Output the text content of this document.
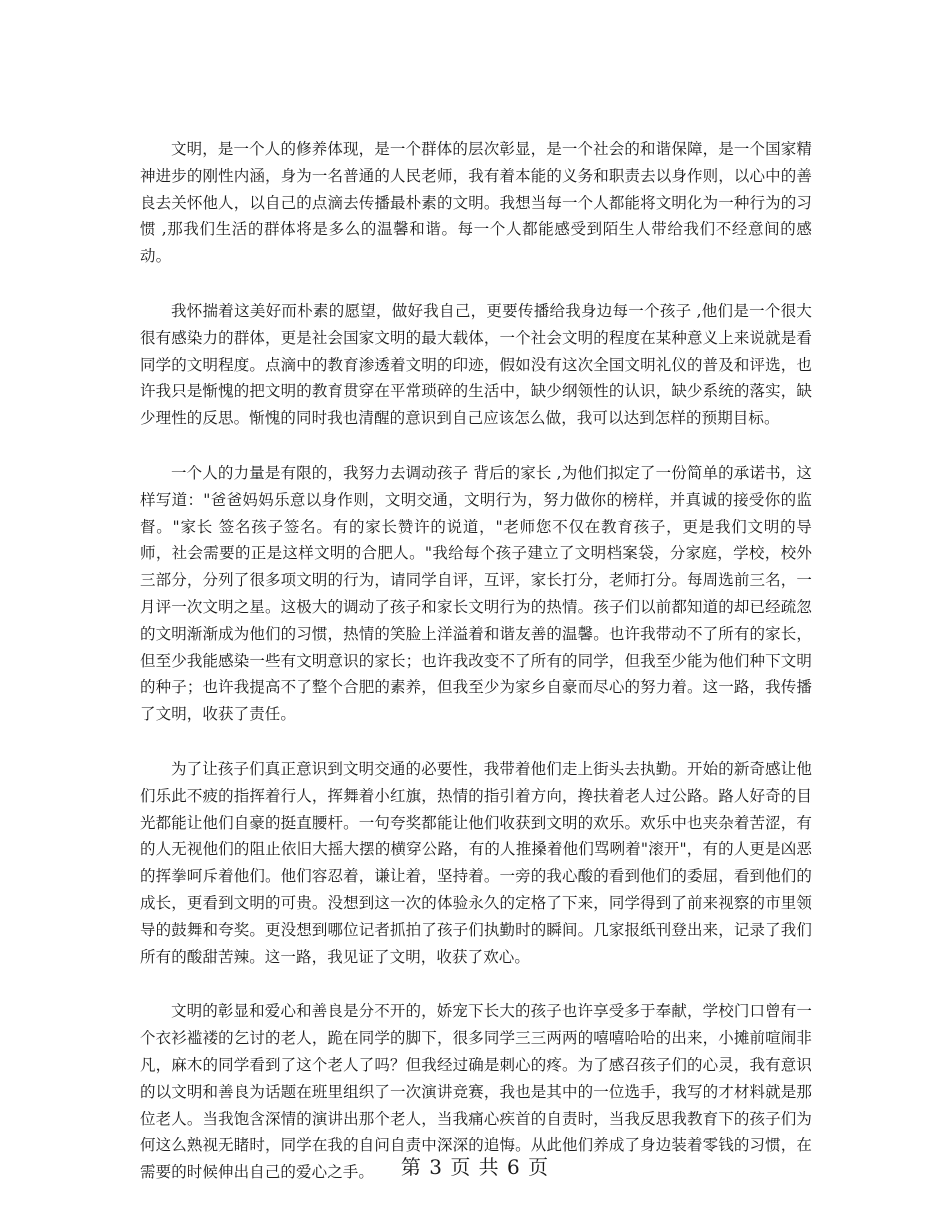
文明，是一个人的修养体现，是一个群体的层次彰显，是一个社会的和谐保障，是一个国家精神进步的刚性内涵，身为一名普通的人民老师，我有着本能的义务和职责去以身作则，以心中的善良去关怀他人，以自己的点滴去传播最朴素的文明。我想当每一个人都能将文明化为一种行为的习惯 ,那我们生活的群体将是多么的温馨和谐。每一个人都能感受到陌生人带给我们不经意间的感动。

我怀揣着这美好而朴素的愿望，做好我自己，更要传播给我身边每一个孩子 ,他们是一个很大很有感染力的群体，更是社会国家文明的最大载体，一个社会文明的程度在某种意义上来说就是看同学的文明程度。点滴中的教育渗透着文明的印迹，假如没有这次全国文明礼仪的普及和评选，也许我只是惭愧的把文明的教育贯穿在平常琐碎的生活中，缺少纲领性的认识，缺少系统的落实，缺少理性的反思。惭愧的同时我也清醒的意识到自己应该怎么做，我可以达到怎样的预期目标。

一个人的力量是有限的，我努力去调动孩子 背后的家长 ,为他们拟定了一份简单的承诺书，这样写道："爸爸妈妈乐意以身作则，文明交通，文明行为，努力做你的榜样，并真诚的接受你的监督。"家长 签名孩子签名。有的家长赞许的说道，"老师您不仅在教育孩子，更是我们文明的导师，社会需要的正是这样文明的合肥人。"我给每个孩子建立了文明档案袋，分家庭，学校，校外三部分，分列了很多项文明的行为，请同学自评，互评，家长打分，老师打分。每周选前三名，一月评一次文明之星。这极大的调动了孩子和家长文明行为的热情。孩子们以前都知道的却已经疏忽的文明渐渐成为他们的习惯，热情的笑脸上洋溢着和谐友善的温馨。也许我带动不了所有的家长，但至少我能感染一些有文明意识的家长；也许我改变不了所有的同学，但我至少能为他们种下文明的种子；也许我提高不了整个合肥的素养，但我至少为家乡自豪而尽心的努力着。这一路，我传播了文明，收获了责任。

为了让孩子们真正意识到文明交通的必要性，我带着他们走上街头去执勤。开始的新奇感让他们乐此不疲的指挥着行人，挥舞着小红旗，热情的指引着方向，搀扶着老人过公路。路人好奇的目光都能让他们自豪的挺直腰杆。一句夸奖都能让他们收获到文明的欢乐。欢乐中也夹杂着苦涩，有的人无视他们的阻止依旧大摇大摆的横穿公路，有的人推搡着他们骂咧着"滚开"，有的人更是凶恶的挥拳呵斥着他们。他们容忍着，谦让着，坚持着。一旁的我心酸的看到他们的委屈，看到他们的成长，更看到文明的可贵。没想到这一次的体验永久的定格了下来，同学得到了前来视察的市里领导的鼓舞和夸奖。更没想到哪位记者抓拍了孩子们执勤时的瞬间。几家报纸刊登出来，记录了我们所有的酸甜苦辣。这一路，我见证了文明，收获了欢心。

文明的彰显和爱心和善良是分不开的，娇宠下长大的孩子也许享受多于奉献，学校门口曾有一个衣衫褴褛的乞讨的老人，跪在同学的脚下，很多同学三三两两的嘻嘻哈哈的出来，小摊前喧闹非凡，麻木的同学看到了这个老人了吗？但我经过确是刺心的疼。为了感召孩子们的心灵，我有意识的以文明和善良为话题在班里组织了一次演讲竞赛，我也是其中的一位选手，我写的才材料就是那位老人。当我饱含深情的演讲出那个老人，当我痛心疾首的自责时，当我反思我教育下的孩子们为何这么熟视无睹时，同学在我的自问自责中深深的追悔。从此他们养成了身边装着零钱的习惯，在需要的时候伸出自己的爱心之手。	第 3 页 共 6 页
